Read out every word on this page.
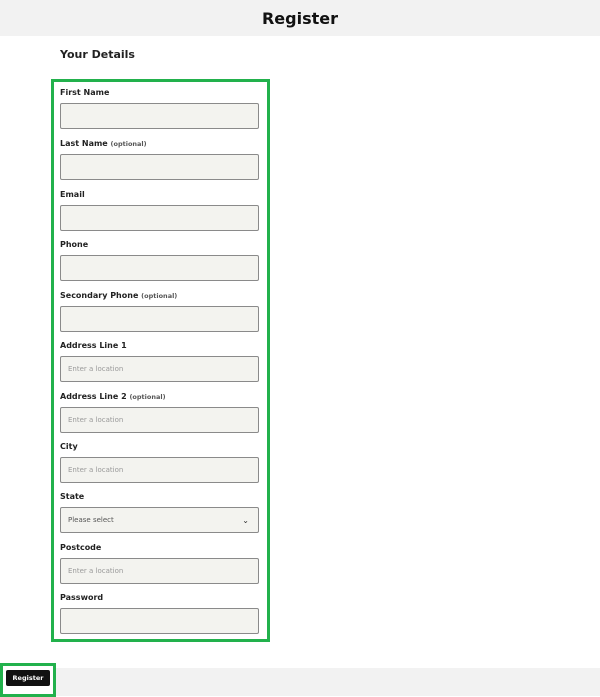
Register
Your Details
First Name
Last Name (optional)
Email
Phone
Secondary Phone (optional)
Address Line 1
Enter a location
Address Line 2 (optional)
Enter a location
City
Enter a location
State
Please select	⌄
Postcode
Enter a location
Password
Register
